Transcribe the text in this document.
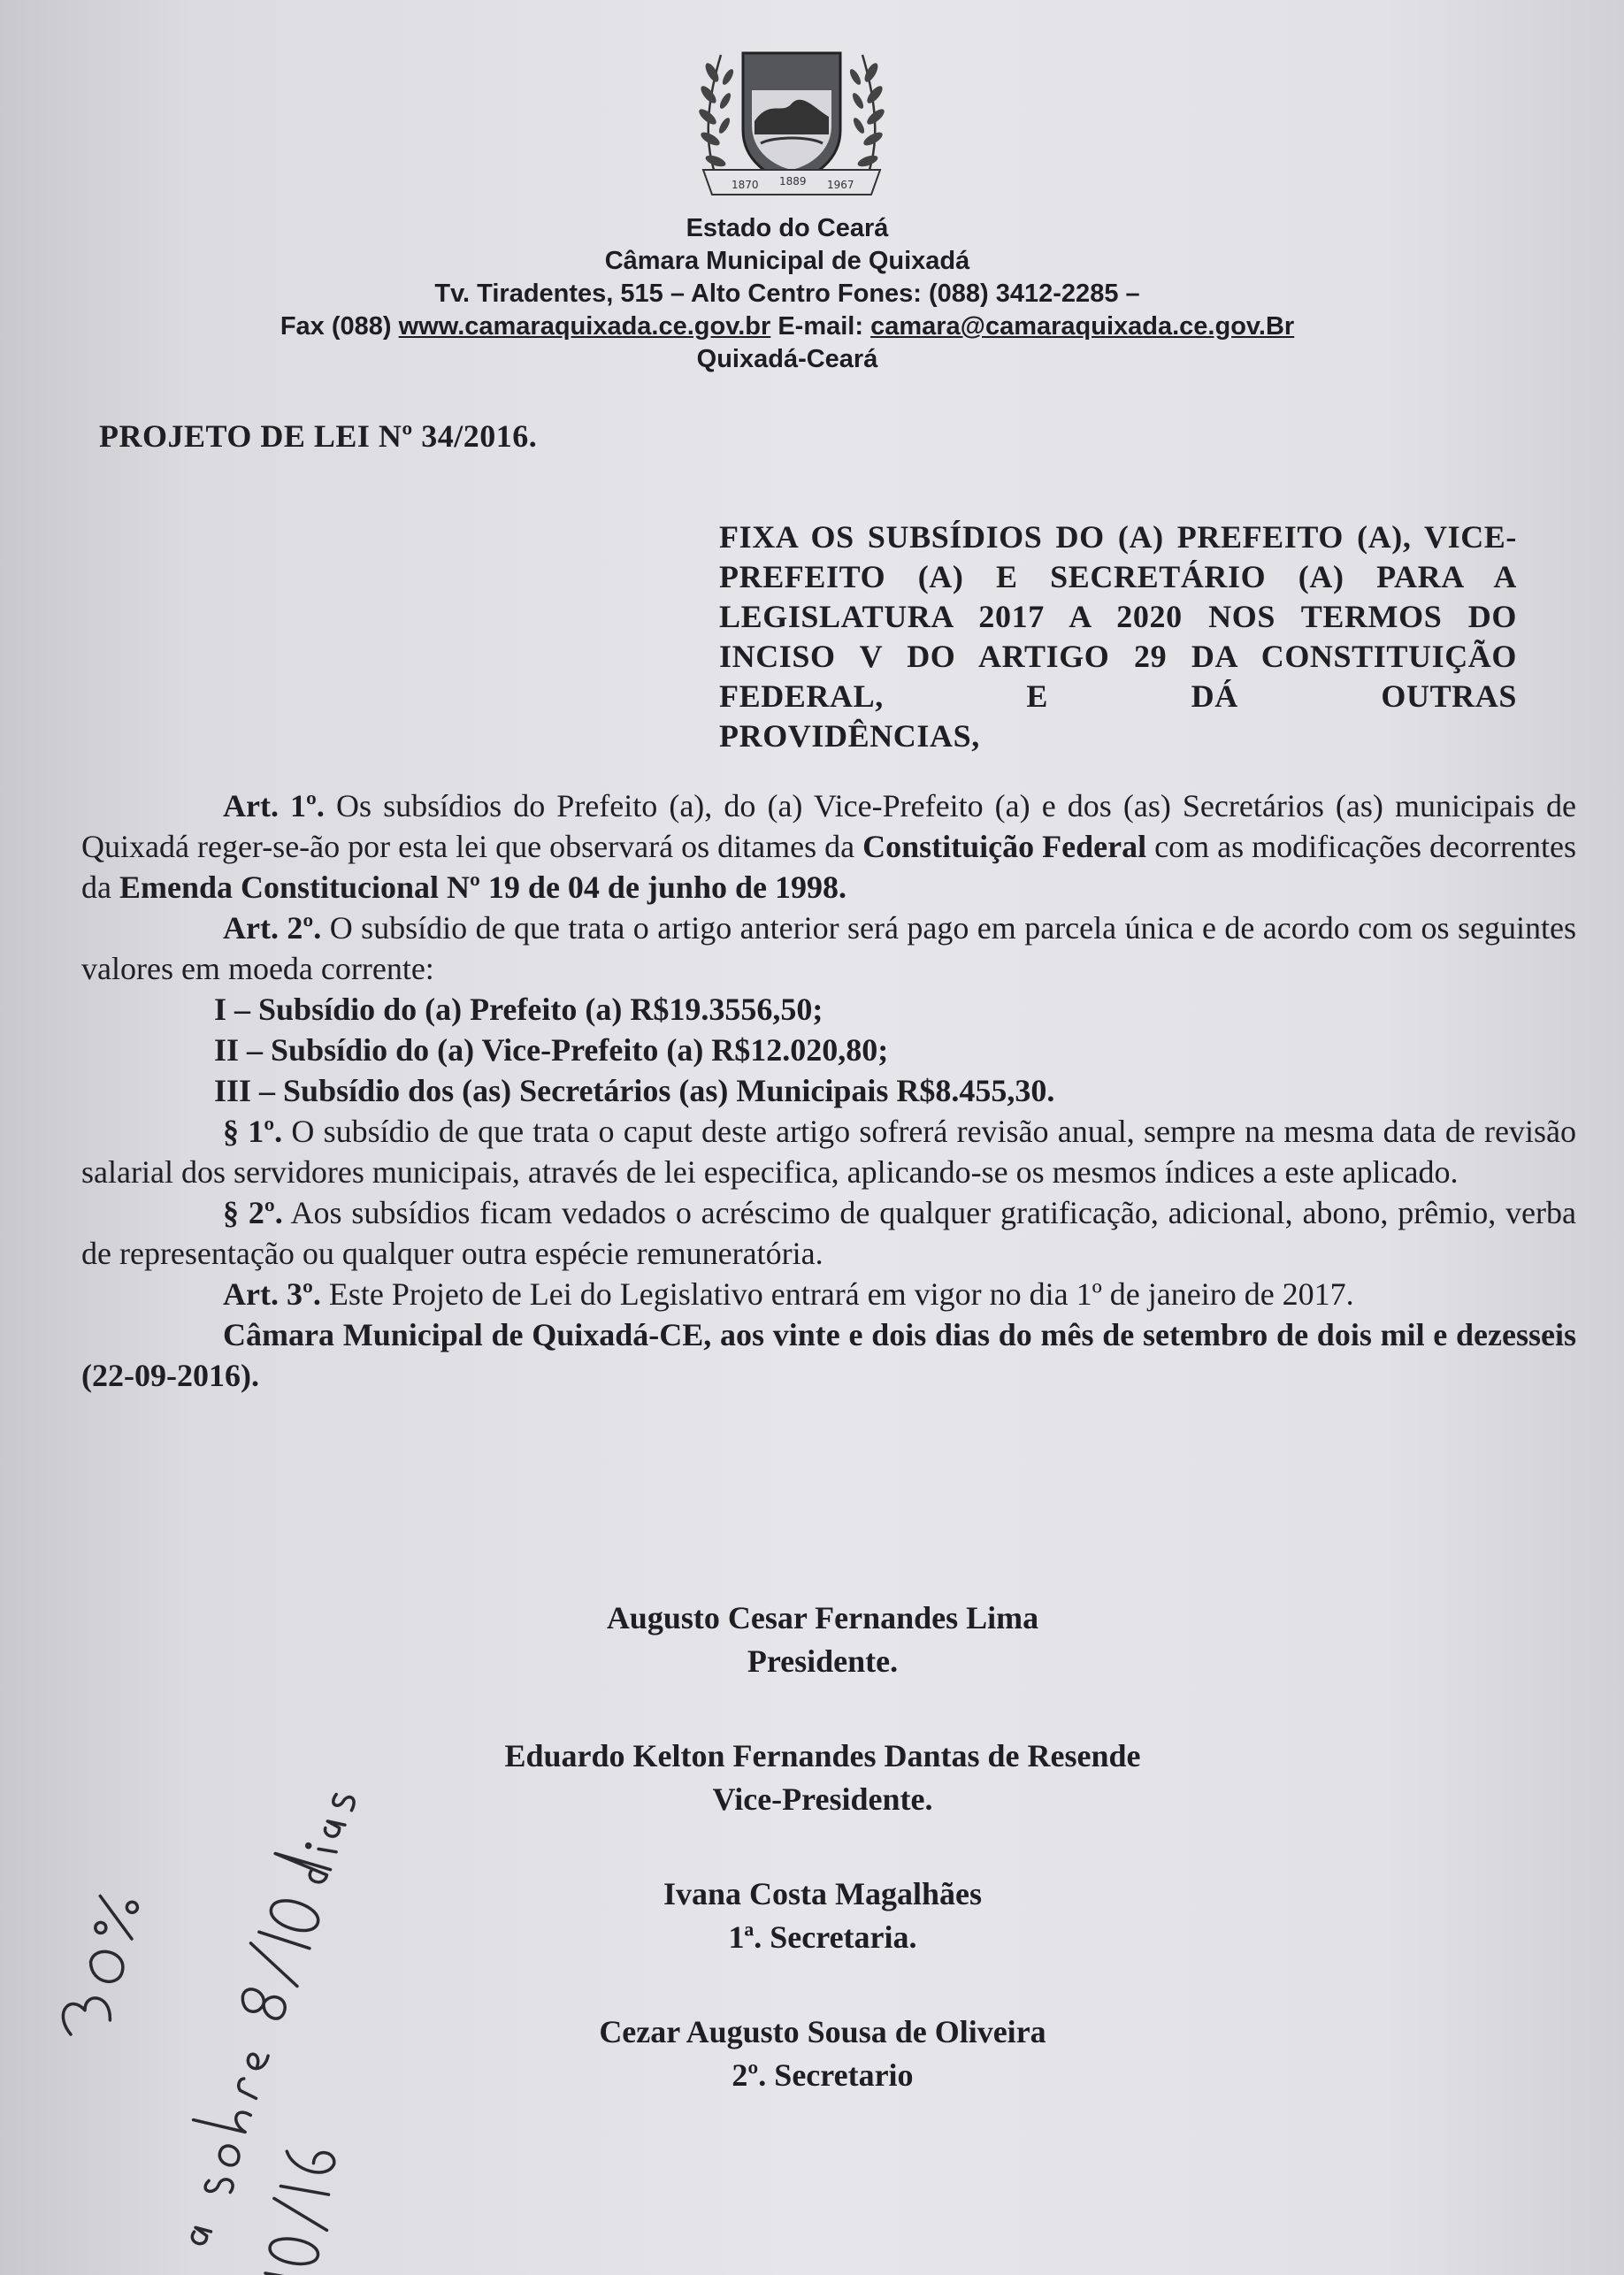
1870 1889 1967
Estado do Ceará
Câmara Municipal de Quixadá
Tv. Tiradentes, 515 – Alto Centro Fones: (088) 3412-2285 –
Fax (088) www.camaraquixada.ce.gov.br E-mail: camara@camaraquixada.ce.gov.Br
Quixadá-Ceará
PROJETO DE LEI Nº 34/2016.
FIXA OS SUBSÍDIOS DO (A) PREFEITO (A), VICE-PREFEITO (A) E SECRETÁRIO (A) PARA A LEGISLATURA 2017 A 2020 NOS TERMOS DO INCISO V DO ARTIGO 29 DA CONSTITUIÇÃO FEDERAL, E DÁ OUTRAS
PROVIDÊNCIAS,

Art. 1º. Os subsídios do Prefeito (a), do (a) Vice-Prefeito (a) e dos (as) Secretários (as) municipais de Quixadá reger-se-ão por esta lei que observará os ditames da Constituição Federal com as modificações decorrentes da Emenda Constitucional Nº 19 de 04 de junho de 1998.

Art. 2º. O subsídio de que trata o artigo anterior será pago em parcela única e de acordo com os seguintes valores em moeda corrente:

I – Subsídio do (a) Prefeito (a) R$19.3556,50;

II – Subsídio do (a) Vice-Prefeito (a) R$12.020,80;

III – Subsídio dos (as) Secretários (as) Municipais R$8.455,30.

§ 1º. O subsídio de que trata o caput deste artigo sofrerá revisão anual, sempre na mesma data de revisão salarial dos servidores municipais, através de lei especifica, aplicando-se os mesmos índices a este aplicado.

§ 2º. Aos subsídios ficam vedados o acréscimo de qualquer gratificação, adicional, abono, prêmio, verba de representação ou qualquer outra espécie remuneratória.

Art. 3º. Este Projeto de Lei do Legislativo entrará em vigor no dia 1º de janeiro de 2017.

Câmara Municipal de Quixadá-CE, aos vinte e dois dias do mês de setembro de dois mil e dezesseis (22-09-2016).

Augusto Cesar Fernandes Lima
Presidente.
Eduardo Kelton Fernandes Dantas de Resende
Vice-Presidente.
Ivana Costa Magalhães
1ª. Secretaria.
Cezar Augusto Sousa de Oliveira
2º. Secretario
